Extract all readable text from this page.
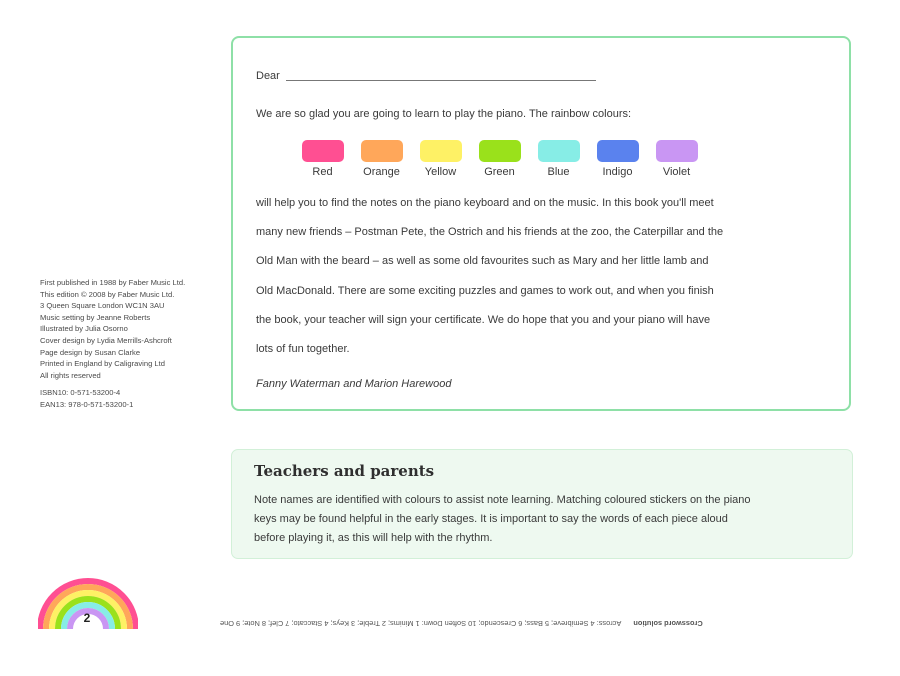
First published in 1988 by Faber Music Ltd.
This edition © 2008 by Faber Music Ltd.
3 Queen Square London WC1N 3AU
Music setting by Jeanne Roberts
Illustrated by Julia Osorno
Cover design by Lydia Merrills-Ashcroft
Page design by Susan Clarke
Printed in England by Caligraving Ltd
All rights reserved
ISBN10: 0-571-53200-4
EAN13: 978-0-571-53200-1
Dear
We are so glad you are going to learn to play the piano. The rainbow colours:
Red	Orange Yellow	Green	Blue	Indigo	Violet
will help you to find the notes on the piano keyboard and on the music. In this book you'll meet
many new friends – Postman Pete, the Ostrich and his friends at the zoo, the Caterpillar and the
Old Man with the beard – as well as some old favourites such as Mary and her little lamb and
Old MacDonald. There are some exciting puzzles and games to work out, and when you finish
the book, your teacher will sign your certificate. We do hope that you and your piano will have
lots of fun together.
Fanny Waterman and Marion Harewood
Teachers and parents
Note names are identified with colours to assist note learning. Matching coloured stickers on the piano
keys may be found helpful in the early stages. It is important to say the words of each piece aloud
before playing it, as this will help with the rhythm.
2	Crossword solutionAcross: 4 Semibreve; 5 Bass; 6 Crescendo; 10 Soften Down: 1 Minims; 2 Treble; 3 Keys; 4 Staccato; 7 Clef; 8 Note; 9 One
